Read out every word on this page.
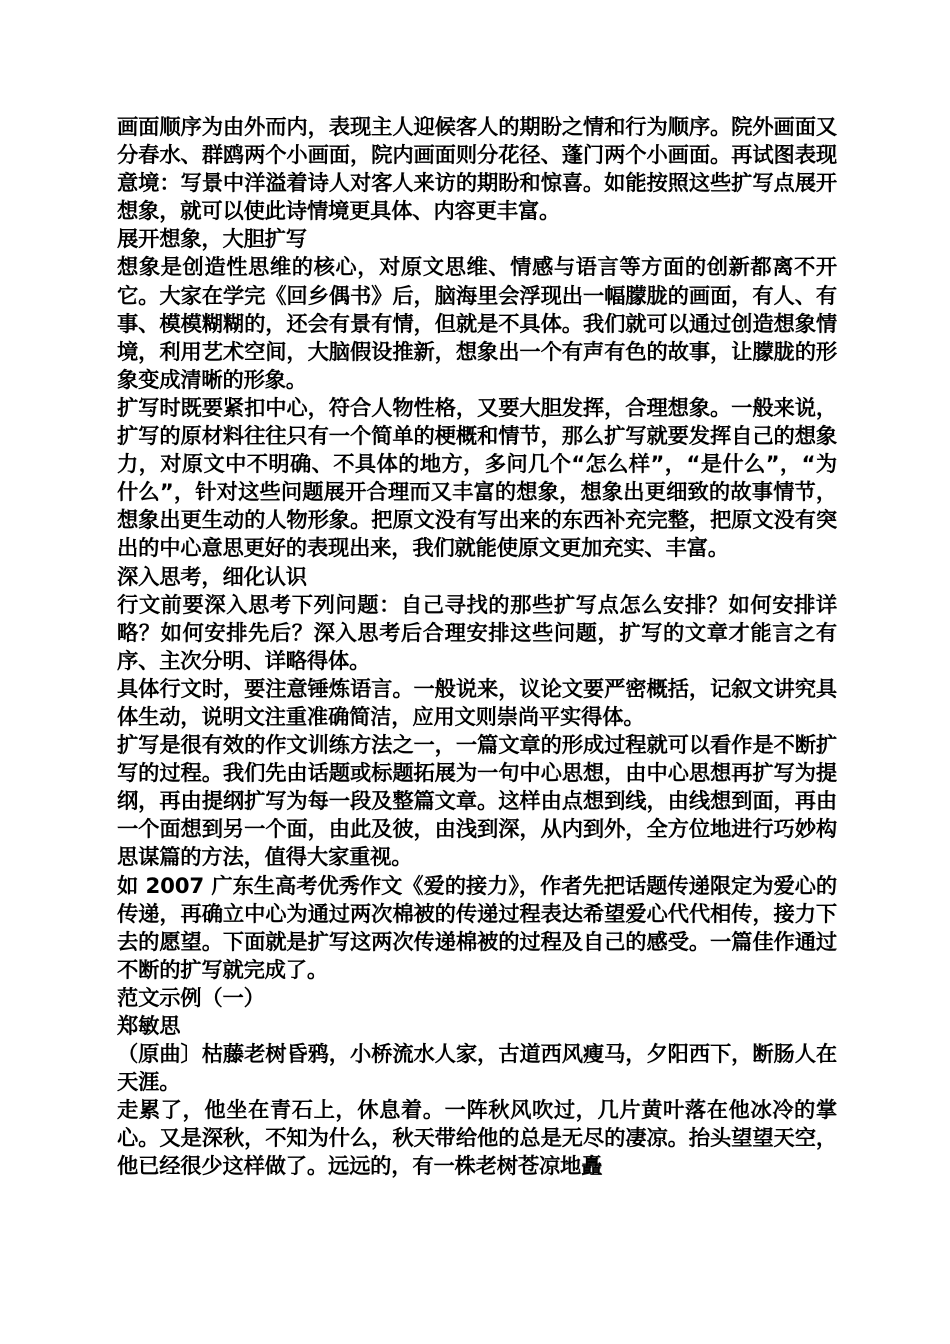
画面顺序为由外而内，表现主人迎候客人的期盼之情和行为顺序。院外画面又分春水、群鸥两个小画面，院内画面则分花径、蓬门两个小画面。再试图表现意境：写景中洋溢着诗人对客人来访的期盼和惊喜。如能按照这些扩写点展开想象，就可以使此诗情境更具体、内容更丰富。

展开想象，大胆扩写

想象是创造性思维的核心，对原文思维、情感与语言等方面的创新都离不开它。大家在学完《回乡偶书》后，脑海里会浮现出一幅朦胧的画面，有人、有事、模模糊糊的，还会有景有情，但就是不具体。我们就可以通过创造想象情境，利用艺术空间，大脑假设推新，想象出一个有声有色的故事，让朦胧的形象变成清晰的形象。

扩写时既要紧扣中心，符合人物性格，又要大胆发挥，合理想象。一般来说，扩写的原材料往往只有一个简单的梗概和情节，那么扩写就要发挥自己的想象力，对原文中不明确、不具体的地方，多问几个“怎么样”，“是什么”，“为什么”，针对这些问题展开合理而又丰富的想象，想象出更细致的故事情节，想象出更生动的人物形象。把原文没有写出来的东西补充完整，把原文没有突出的中心意思更好的表现出来，我们就能使原文更加充实、丰富。

深入思考，细化认识

行文前要深入思考下列问题：自己寻找的那些扩写点怎么安排？如何安排详略？如何安排先后？深入思考后合理安排这些问题，扩写的文章才能言之有序、主次分明、详略得体。

具体行文时，要注意锤炼语言。一般说来，议论文要严密概括，记叙文讲究具体生动，说明文注重准确简洁，应用文则崇尚平实得体。

扩写是很有效的作文训练方法之一，一篇文章的形成过程就可以看作是不断扩写的过程。我们先由话题或标题拓展为一句中心思想，由中心思想再扩写为提纲，再由提纲扩写为每一段及整篇文章。这样由点想到线，由线想到面，再由一个面想到另一个面，由此及彼，由浅到深，从内到外，全方位地进行巧妙构思谋篇的方法，值得大家重视。

如 2007 广东生高考优秀作文《爱的接力》，作者先把话题传递限定为爱心的传递，再确立中心为通过两次棉被的传递过程表达希望爱心代代相传，接力下去的愿望。下面就是扩写这两次传递棉被的过程及自己的感受。一篇佳作通过不断的扩写就完成了。

范文示例（一）

郑敏思

（原曲〕枯藤老树昏鸦，小桥流水人家，古道西风瘦马，夕阳西下，断肠人在天涯。

走累了，他坐在青石上，休息着。一阵秋风吹过，几片黄叶落在他冰冷的掌心。又是深秋，不知为什么，秋天带给他的总是无尽的凄凉。抬头望望天空，他已经很少这样做了。远远的，有一株老树苍凉地矗
